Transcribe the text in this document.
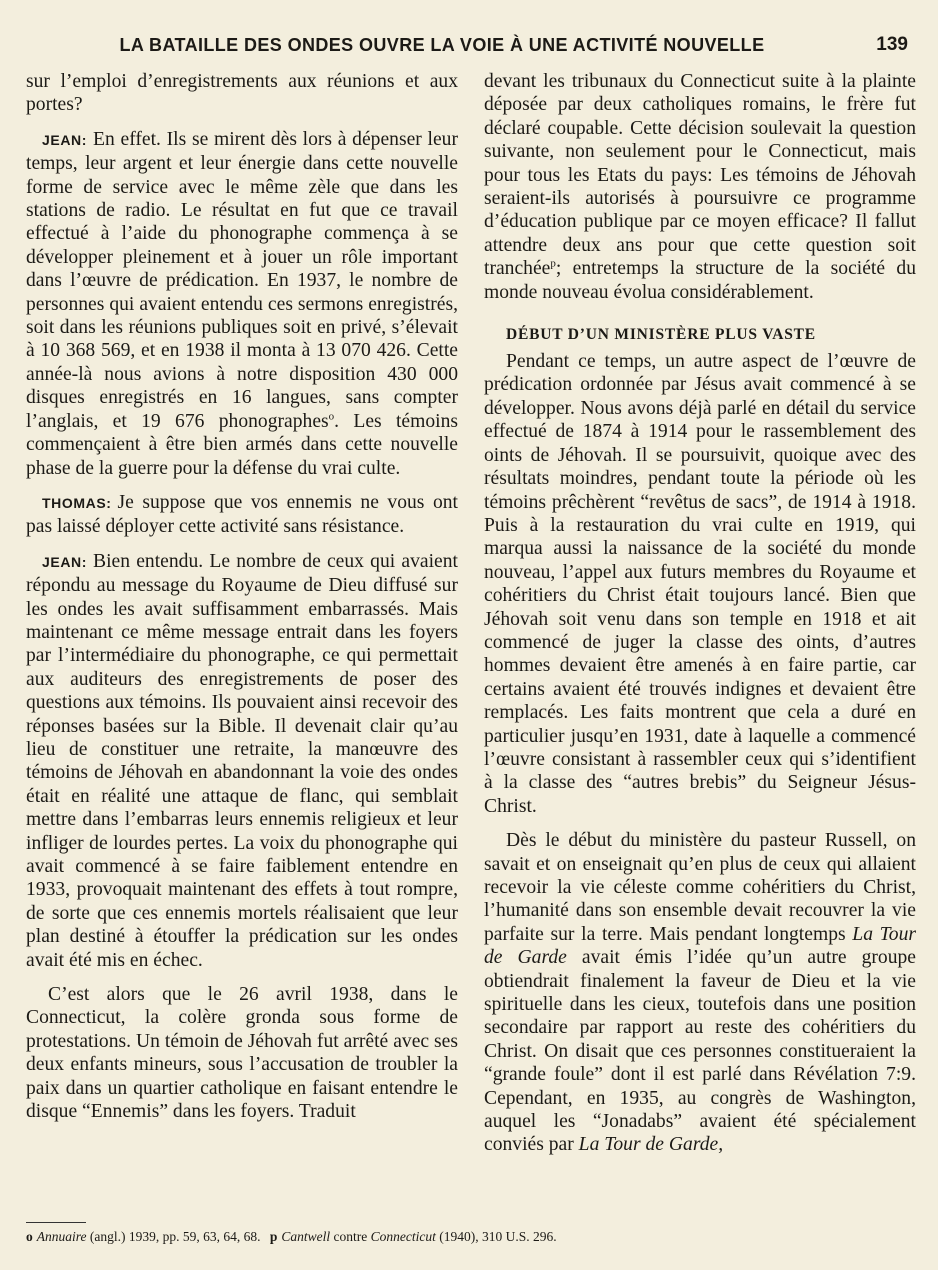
LA BATAILLE DES ONDES OUVRE LA VOIE À UNE ACTIVITÉ NOUVELLE	139

sur l’emploi d’enregistrements aux réunions et aux portes?

JEAN: En effet. Ils se mirent dès lors à dépenser leur temps, leur argent et leur énergie dans cette nouvelle forme de service avec le même zèle que dans les stations de radio. Le résultat en fut que ce travail effectué à l’aide du phonographe commença à se développer pleinement et à jouer un rôle important dans l’œuvre de prédication. En 1937, le nombre de personnes qui avaient entendu ces sermons enregistrés, soit dans les réunions publiques soit en privé, s’élevait à 10 368 569, et en 1938 il monta à 13 070 426. Cette année-là nous avions à notre disposition 430 000 disques enregistrés en 16 langues, sans compter l’anglais, et 19 676 phonographes$^o$. Les témoins commençaient à être bien armés dans cette nouvelle phase de la guerre pour la défense du vrai culte.

THOMAS: Je suppose que vos ennemis ne vous ont pas laissé déployer cette activité sans résistance.

JEAN: Bien entendu. Le nombre de ceux qui avaient répondu au message du Royaume de Dieu diffusé sur les ondes les avait suffisamment embarrassés. Mais maintenant ce même message entrait dans les foyers par l’intermédiaire du phonographe, ce qui permettait aux auditeurs des enregistrements de poser des questions aux témoins. Ils pouvaient ainsi recevoir des réponses basées sur la Bible. Il devenait clair qu’au lieu de constituer une retraite, la manœuvre des témoins de Jéhovah en abandonnant la voie des ondes était en réalité une attaque de flanc, qui semblait mettre dans l’embarras leurs ennemis religieux et leur infliger de lourdes pertes. La voix du phonographe qui avait commencé à se faire faiblement entendre en 1933, provoquait maintenant des effets à tout rompre, de sorte que ces ennemis mortels réalisaient que leur plan destiné à étouffer la prédication sur les ondes avait été mis en échec.

C’est alors que le 26 avril 1938, dans le Connecticut, la colère gronda sous forme de protestations. Un témoin de Jéhovah fut arrêté avec ses deux enfants mineurs, sous l’accusation de troubler la paix dans un quartier catholique en faisant entendre le disque “Ennemis” dans les foyers. Traduit

devant les tribunaux du Connecticut suite à la plainte déposée par deux catholiques romains, le frère fut déclaré coupable. Cette décision soulevait la question suivante, non seulement pour le Connecticut, mais pour tous les Etats du pays: Les témoins de Jéhovah seraient-ils autorisés à poursuivre ce programme d’éducation publique par ce moyen efficace? Il fallut attendre deux ans pour que cette question soit tranchée$^p$; entretemps la structure de la société du monde nouveau évolua considérablement.

DÉBUT D’UN MINISTÈRE PLUS VASTE

Pendant ce temps, un autre aspect de l’œuvre de prédication ordonnée par Jésus avait commencé à se développer. Nous avons déjà parlé en détail du service effectué de 1874 à 1914 pour le rassemblement des oints de Jéhovah. Il se poursuivit, quoique avec des résultats moindres, pendant toute la période où les témoins prêchèrent “revêtus de sacs”, de 1914 à 1918. Puis à la restauration du vrai culte en 1919, qui marqua aussi la naissance de la société du monde nouveau, l’appel aux futurs membres du Royaume et cohéritiers du Christ était toujours lancé. Bien que Jéhovah soit venu dans son temple en 1918 et ait commencé de juger la classe des oints, d’autres hommes devaient être amenés à en faire partie, car certains avaient été trouvés indignes et devaient être remplacés. Les faits montrent que cela a duré en particulier jusqu’en 1931, date à laquelle a commencé l’œuvre consistant à rassembler ceux qui s’identifient à la classe des “autres brebis” du Seigneur Jésus-Christ.

Dès le début du ministère du pasteur Russell, on savait et on enseignait qu’en plus de ceux qui allaient recevoir la vie céleste comme cohéritiers du Christ, l’humanité dans son ensemble devait recouvrer la vie parfaite sur la terre. Mais pendant longtemps La Tour de Garde avait émis l’idée qu’un autre groupe obtiendrait finalement la faveur de Dieu et la vie spirituelle dans les cieux, toutefois dans une position secondaire par rapport au reste des cohéritiers du Christ. On disait que ces personnes constitueraient la “grande foule” dont il est parlé dans Révélation 7:9. Cependant, en 1935, au congrès de Washington, auquel les “Jonadabs” avaient été spécialement conviés par La Tour de Garde,

o Annuaire (angl.) 1939, pp. 59, 63, 64, 68. p Cantwell contre Connecticut (1940), 310 U.S. 296.
